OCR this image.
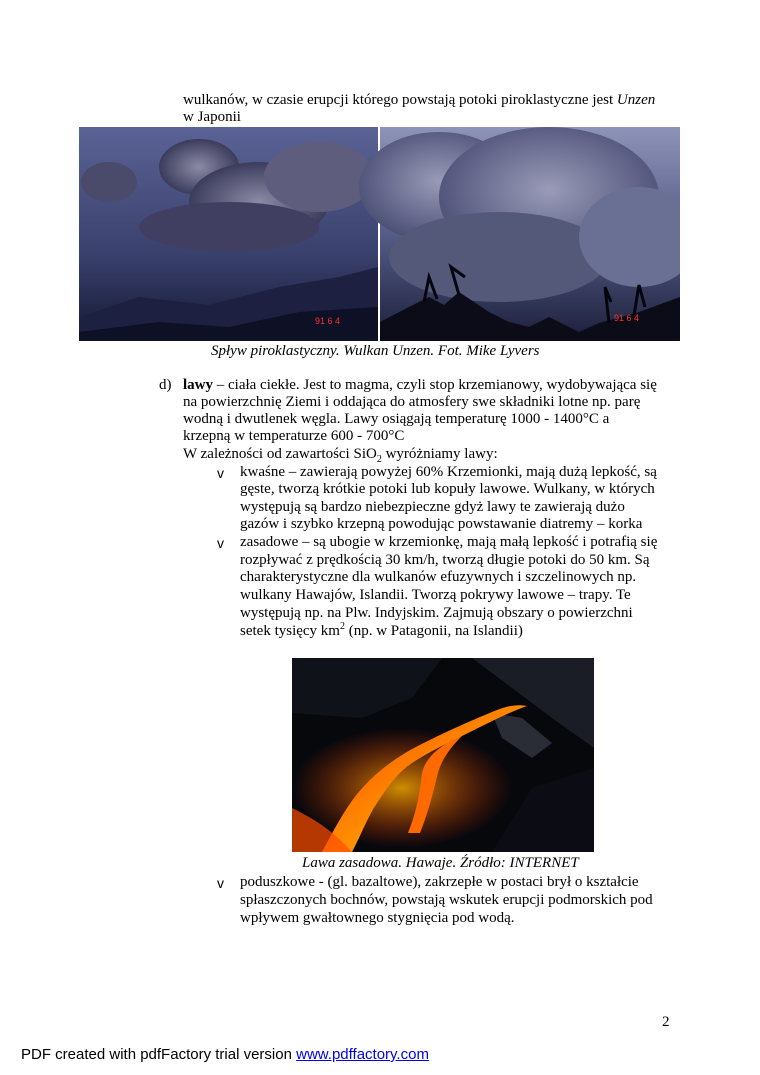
wulkanów, w czasie erupcji którego powstają potoki piroklastyczne jest Unzen
w Japonii
91 6 4	91 6 4
Spływ piroklastyczny. Wulkan Unzen. Fot. Mike Lyvers
d) lawy – ciała ciekłe. Jest to magma, czyli stop krzemianowy, wydobywająca się
na powierzchnię Ziemi i oddająca do atmosfery swe składniki lotne np. parę
wodną i dwutlenek węgla. Lawy osiągają temperaturę 1000 - 1400°C a
krzepną w temperaturze 600 - 700°C
W zależności od zawartości SiO$_2$ wyróżniamy lawy:
v kwaśne – zawierają powyżej 60% Krzemionki, mają dużą lepkość, są
gęste, tworzą krótkie potoki lub kopuły lawowe. Wulkany, w których
występują są bardzo niebezpieczne gdyż lawy te zawierają dużo
gazów i szybko krzepną powodując powstawanie diatremy – korka
v zasadowe – są ubogie w krzemionkę, mają małą lepkość i potrafią się
rozpływać z prędkością 30 km/h, tworzą długie potoki do 50 km. Są
charakterystyczne dla wulkanów efuzywnych i szczelinowych np.
wulkany Hawajów, Islandii. Tworzą pokrywy lawowe – trapy. Te
występują np. na Plw. Indyjskim. Zajmują obszary o powierzchni
setek tysięcy $km^2$ (np. w Patagonii, na Islandii)
Lawa zasadowa. Hawaje. Źródło: INTERNET
v poduszkowe - (gl. bazaltowe), zakrzepłe w postaci brył o kształcie
spłaszczonych bochnów, powstają wskutek erupcji podmorskich pod
wpływem gwałtownego stygnięcia pod wodą.
2
PDF created with pdfFactory trial version www.pdffactory.com
